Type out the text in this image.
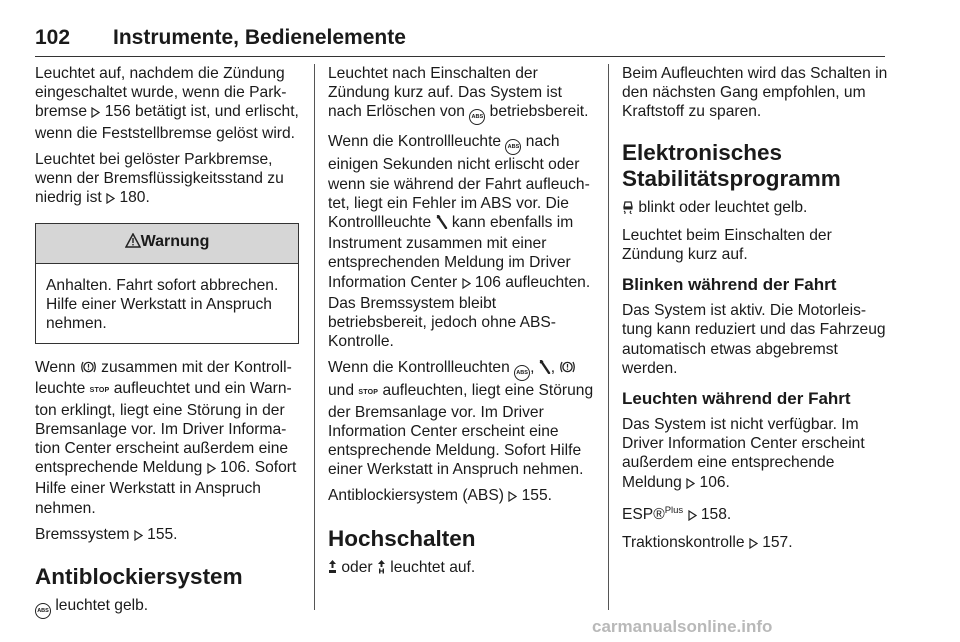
102 Instrumente, Bedienelemente

Leuchtet auf, nachdem die Zündung eingeschaltet wurde, wenn die Parkbremse 156 betätigt ist, und erlischt, wenn die Feststellbremse gelöst wird.

Leuchtet bei gelöster Parkbremse, wenn der Bremsflüssigkeitsstand zu niedrig ist 180.

Warnung
Anhalten. Fahrt sofort abbrechen. Hilfe einer Werkstatt in Anspruch nehmen.

Wenn zusammen mit der Kontrollleuchte STOP aufleuchtet und ein Warnton erklingt, liegt eine Störung in der Bremsanlage vor. Im Driver Information Center erscheint außerdem eine entsprechende Meldung 106. Sofort Hilfe einer Werkstatt in Anspruch nehmen.

Bremssystem 155.

Antiblockiersystem

ABS leuchtet gelb.

Leuchtet nach Einschalten der Zündung kurz auf. Das System ist nach Erlöschen von ABS betriebsbereit.

Wenn die Kontrollleuchte ABS nach einigen Sekunden nicht erlischt oder wenn sie während der Fahrt aufleuchtet, liegt ein Fehler im ABS vor. Die Kontrollleuchte kann ebenfalls im Instrument zusammen mit einer entsprechenden Meldung im Driver Information Center 106 aufleuchten. Das Bremssystem bleibt betriebsbereit, jedoch ohne ABS-Kontrolle.

Wenn die Kontrollleuchten ABS , ,  und STOP aufleuchten, liegt eine Störung der Bremsanlage vor. Im Driver Information Center erscheint eine entsprechende Meldung. Sofort Hilfe einer Werkstatt in Anspruch nehmen.

Antiblockiersystem (ABS) 155.

Hochschalten

oder leuchtet auf.

Beim Aufleuchten wird das Schalten in den nächsten Gang empfohlen, um Kraftstoff zu sparen.

Elektronisches Stabilitätsprogramm

blinkt oder leuchtet gelb.

Leuchtet beim Einschalten der Zündung kurz auf.

Blinken während der Fahrt

Das System ist aktiv. Die Motorleistung kann reduziert und das Fahrzeug automatisch etwas abgebremst werden.

Leuchten während der Fahrt

Das System ist nicht verfügbar. Im Driver Information Center erscheint außerdem eine entsprechende Meldung 106.

ESP®$^{Plus}$ 158.

Traktionskontrolle 157.

carmanualsonline.info
